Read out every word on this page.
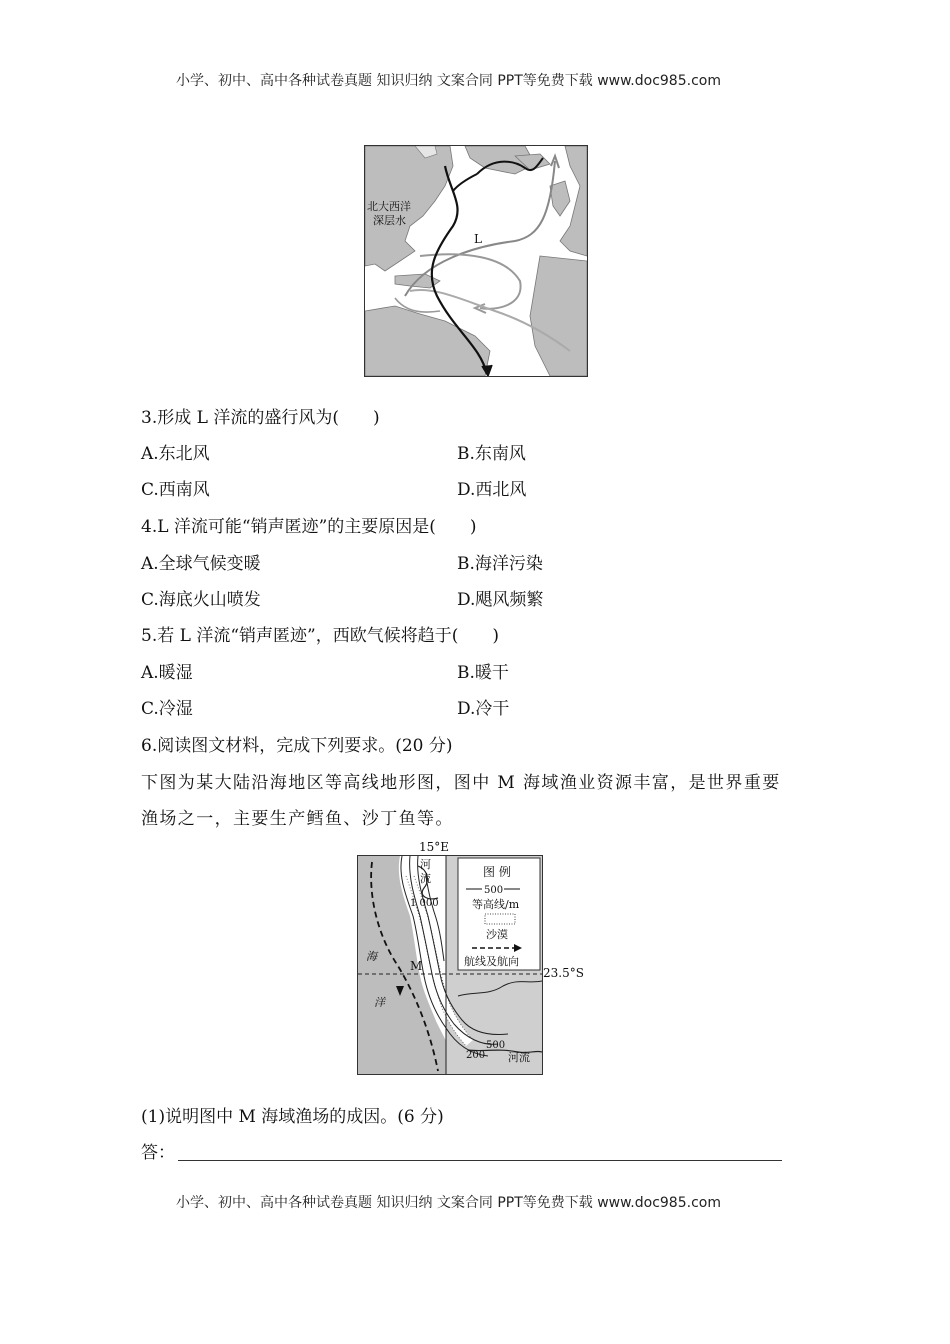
小学、初中、高中各种试卷真题 知识归纳 文案合同 PPT等免费下载 www.doc985.com
北大西洋
深层水
L
3.形成 L 洋流的盛行风为(　　)
A.东北风	B.东南风
C.西南风	D.西北风
4.L 洋流可能“销声匿迹”的主要原因是(　　)
A.全球气候变暖	B.海洋污染
C.海底火山喷发	D.飓风频繁
5.若 L 洋流“销声匿迹”，西欧气候将趋于(　　)
A.暖湿	B.暖干
C.冷湿	D.冷干
6.阅读图文材料，完成下列要求。(20 分)
下图为某大陆沿海地区等高线地形图，图中 M 海域渔业资源丰富，是世界重要
渔场之一，主要生产鳕鱼、沙丁鱼等。
图 例
500
等高线/m
沙漠
航线及航向
河
流
1 000
海
洋
M
500
200 河流
15°E
23.5°S
(1)说明图中 M 海域渔场的成因。(6 分)
答：
小学、初中、高中各种试卷真题 知识归纳 文案合同 PPT等免费下载 www.doc985.com
